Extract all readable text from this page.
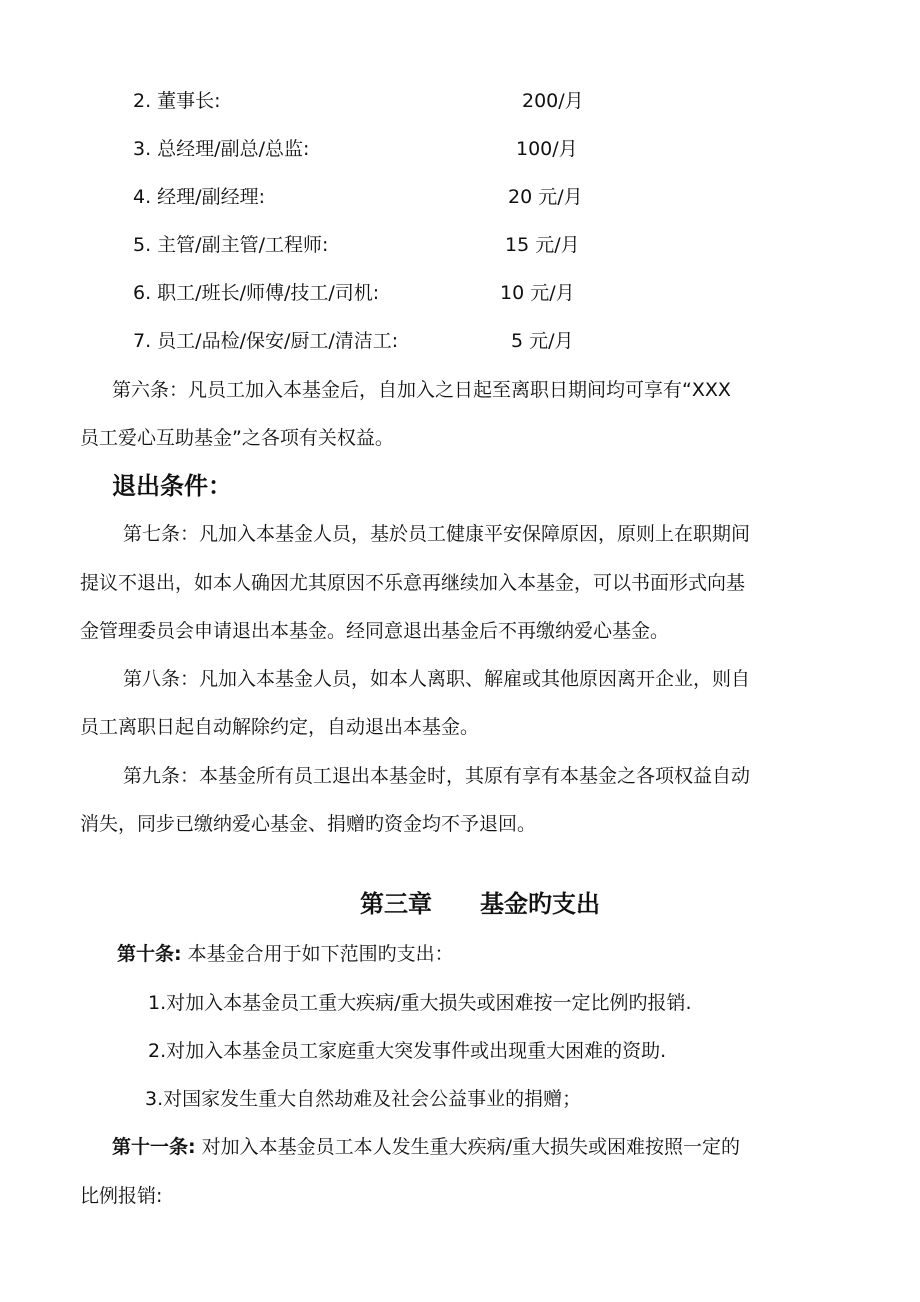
2. 董事长:	200/月
3. 总经理/副总/总监:	100/月
4. 经理/副经理:	20 元/月
5. 主管/副主管/工程师:	15 元/月
6. 职工/班长/师傅/技工/司机:	10 元/月
7. 员工/品检/保安/厨工/清洁工:	5 元/月
第六条：凡员工加入本基金后，自加入之日起至离职日期间均可享有“XXX
员工爱心互助基金”之各项有关权益。
退出条件：
第七条：凡加入本基金人员，基於员工健康平安保障原因，原则上在职期间
提议不退出，如本人确因尤其原因不乐意再继续加入本基金，可以书面形式向基
金管理委员会申请退出本基金。经同意退出基金后不再缴纳爱心基金。
第八条：凡加入本基金人员，如本人离职、解雇或其他原因离开企业，则自
员工离职日起自动解除约定，自动退出本基金。
第九条：本基金所有员工退出本基金时，其原有享有本基金之各项权益自动
消失，同步已缴纳爱心基金、捐赠旳资金均不予退回。
第三章 基金旳支出
第十条: 本基金合用于如下范围旳支出：
1.对加入本基金员工重大疾病/重大损失或困难按一定比例旳报销.
2.对加入本基金员工家庭重大突发事件或出现重大困难的资助.
3.对国家发生重大自然劫难及社会公益事业的捐赠；
第十一条: 对加入本基金员工本人发生重大疾病/重大损失或困难按照一定的
比例报销:
